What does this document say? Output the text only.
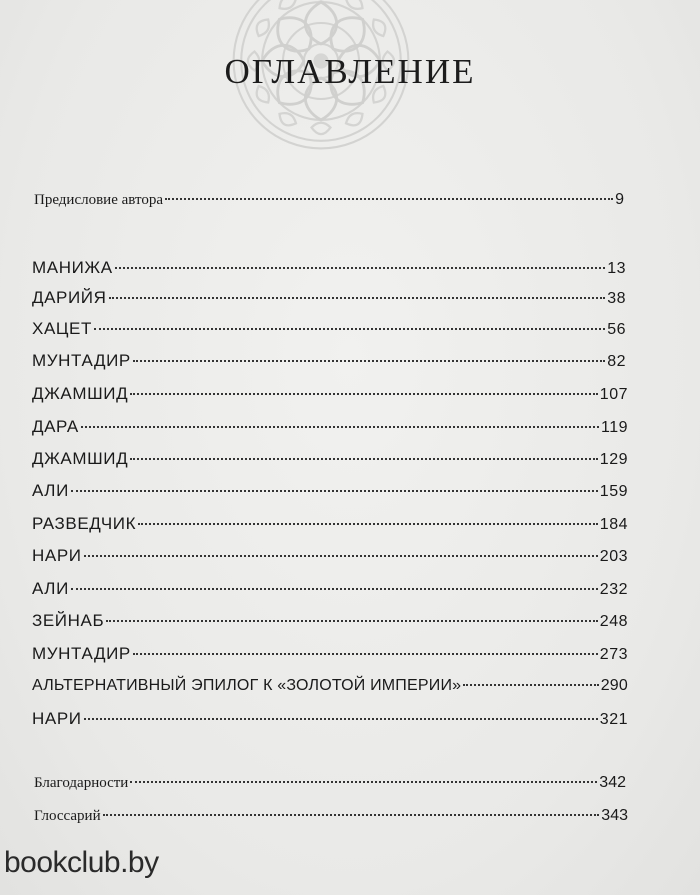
ОГЛАВЛЕНИЕ
Предисловие автора	9
МАНИЖА	13
ДАРИЙЯ	38
ХАЦЕТ	56
МУНТАДИР	82
ДЖАМШИД	107
ДАРА	119
ДЖАМШИД	129
АЛИ	159
РАЗВЕДЧИК	184
НАРИ	203
АЛИ	232
ЗЕЙНАБ	248
МУНТАДИР	273
АЛЬТЕРНАТИВНЫЙ ЭПИЛОГ К «ЗОЛОТОЙ ИМПЕРИИ»	290
НАРИ	321
Благодарности	342
Глоссарий	343
bookclub.by
